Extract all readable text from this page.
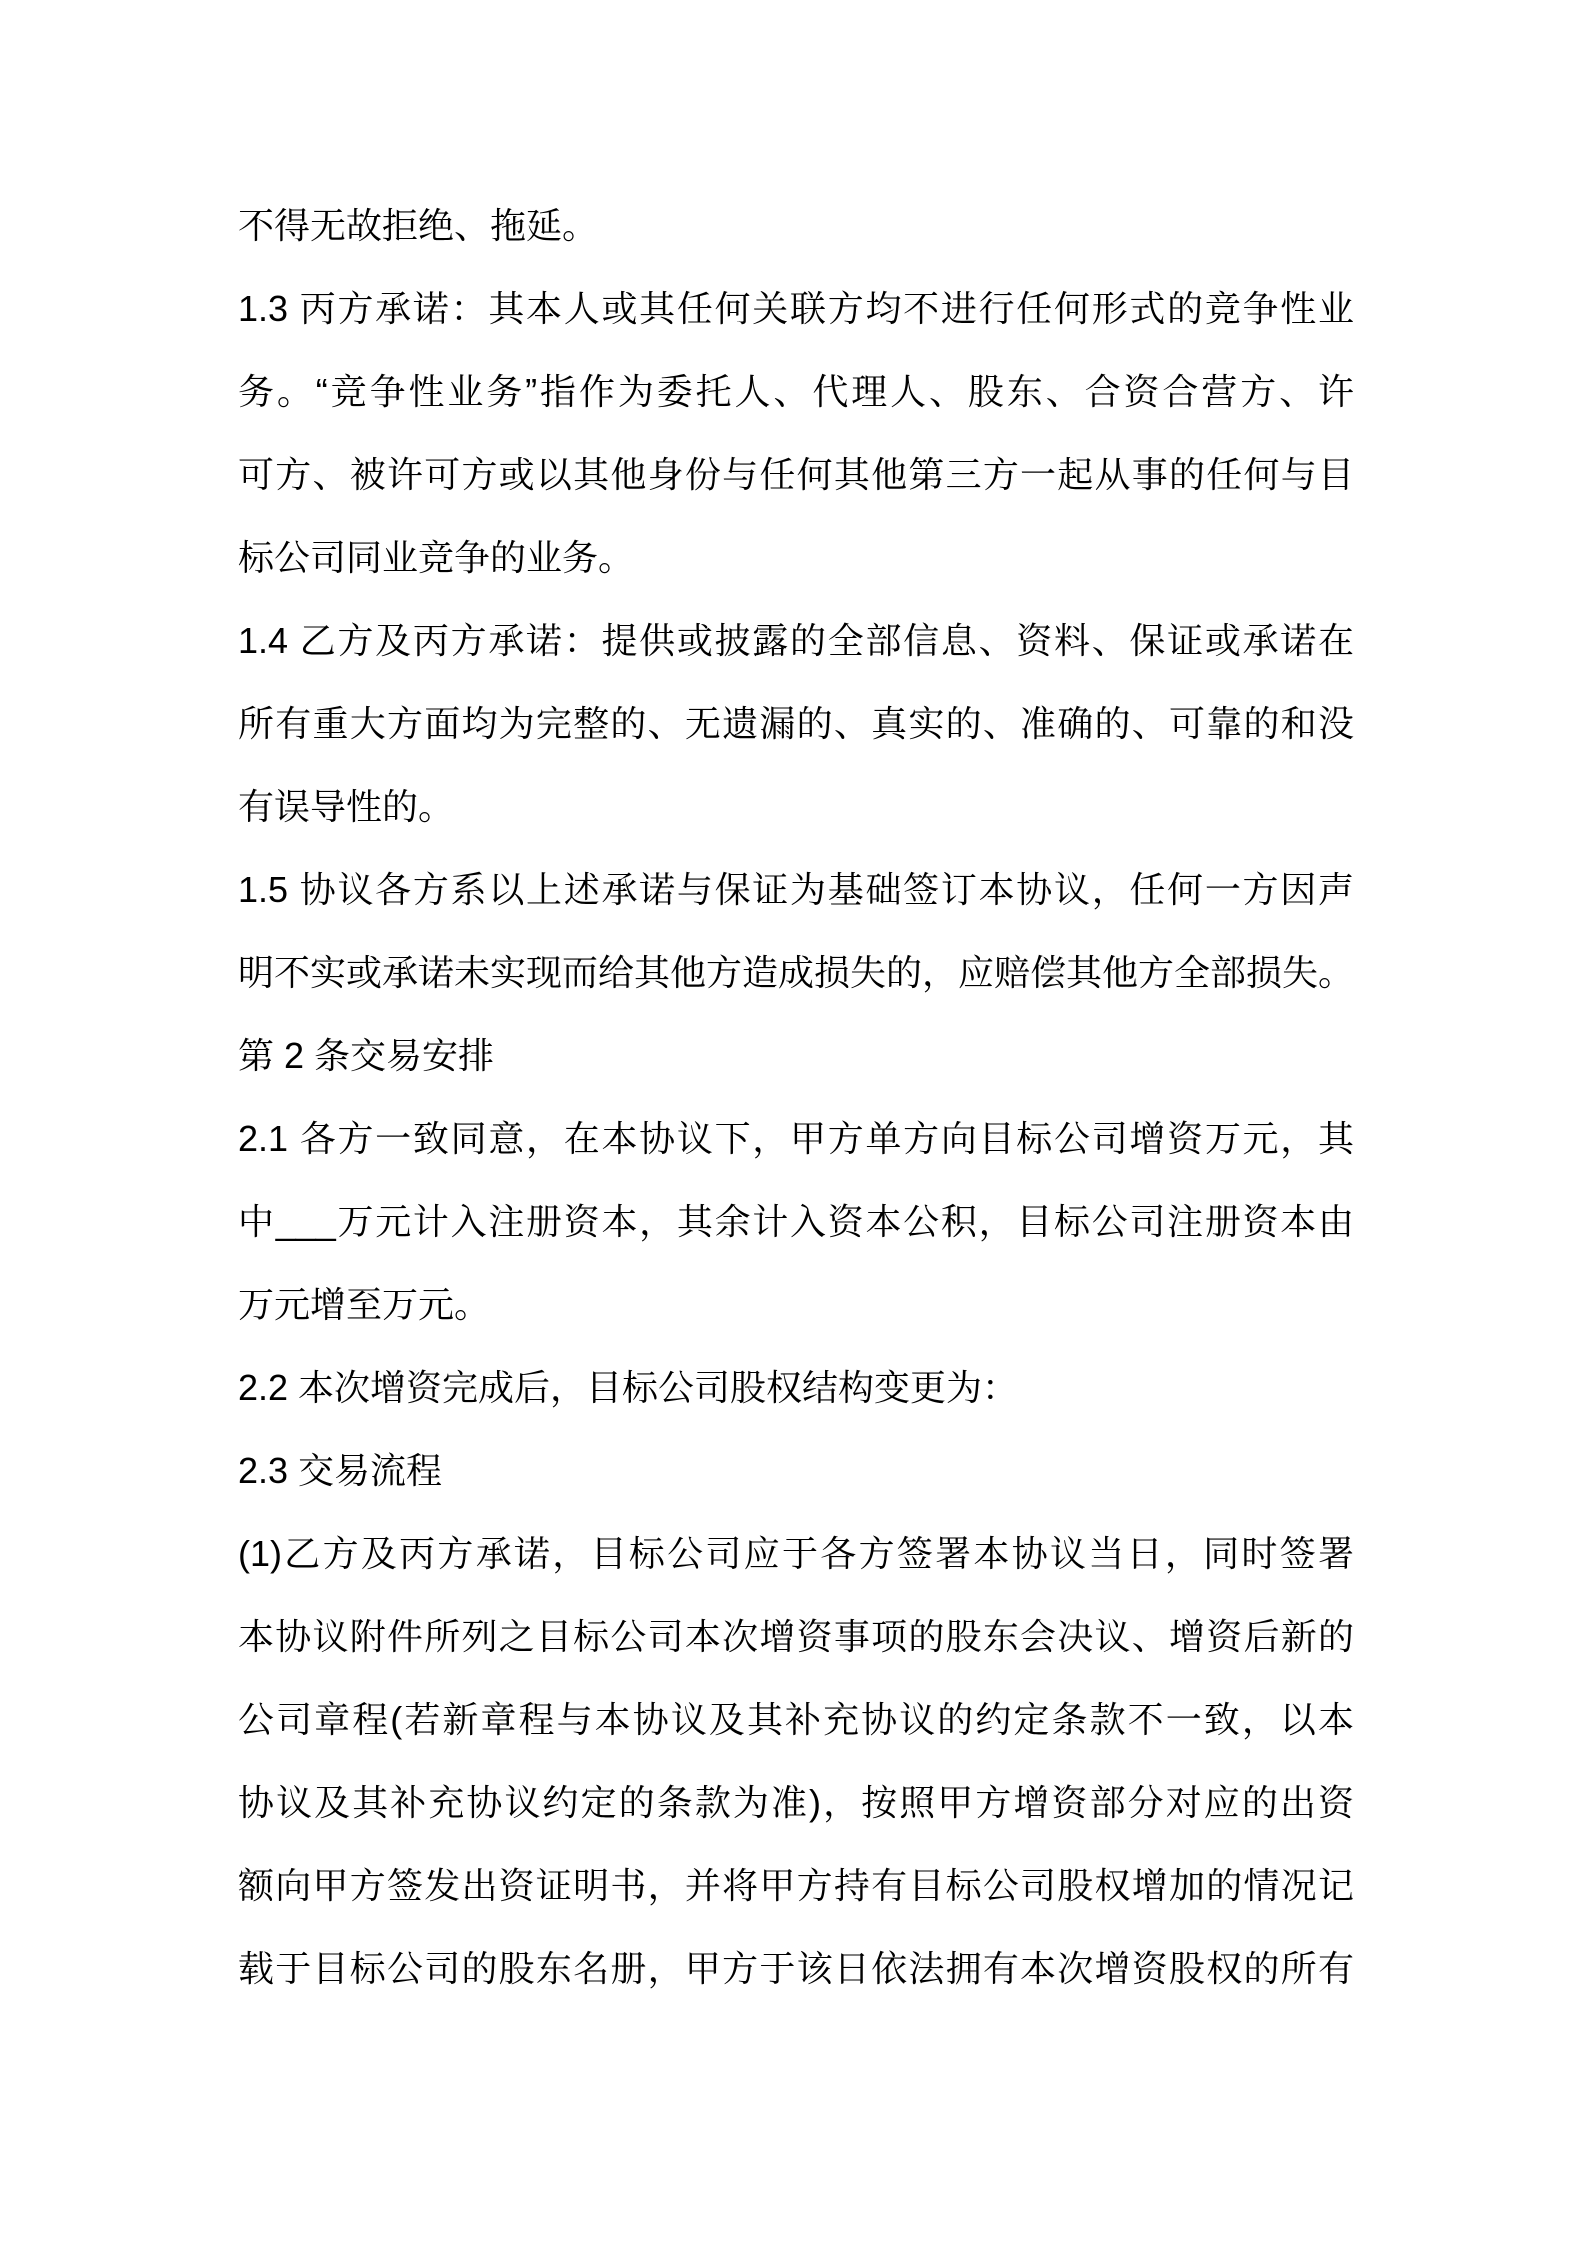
不得无故拒绝、拖延。
1.3 丙方承诺：其本人或其任何关联方均不进行任何形式的竞争性业
务。“竞争性业务”指作为委托人、代理人、股东、合资合营方、许
可方、被许可方或以其他身份与任何其他第三方一起从事的任何与目
标公司同业竞争的业务。
1.4 乙方及丙方承诺：提供或披露的全部信息、资料、保证或承诺在
所有重大方面均为完整的、无遗漏的、真实的、准确的、可靠的和没
有误导性的。
1.5 协议各方系以上述承诺与保证为基础签订本协议，任何一方因声
明不实或承诺未实现而给其他方造成损失的，应赔偿其他方全部损失。
第 2 条交易安排
2.1 各方一致同意，在本协议下，甲方单方向目标公司增资万元，其
中___万元计入注册资本，其余计入资本公积，目标公司注册资本由
万元增至万元。
2.2 本次增资完成后，目标公司股权结构变更为：
2.3 交易流程
(1)乙方及丙方承诺，目标公司应于各方签署本协议当日，同时签署
本协议附件所列之目标公司本次增资事项的股东会决议、增资后新的
公司章程(若新章程与本协议及其补充协议的约定条款不一致，以本
协议及其补充协议约定的条款为准)，按照甲方增资部分对应的出资
额向甲方签发出资证明书，并将甲方持有目标公司股权增加的情况记
载于目标公司的股东名册，甲方于该日依法拥有本次增资股权的所有
